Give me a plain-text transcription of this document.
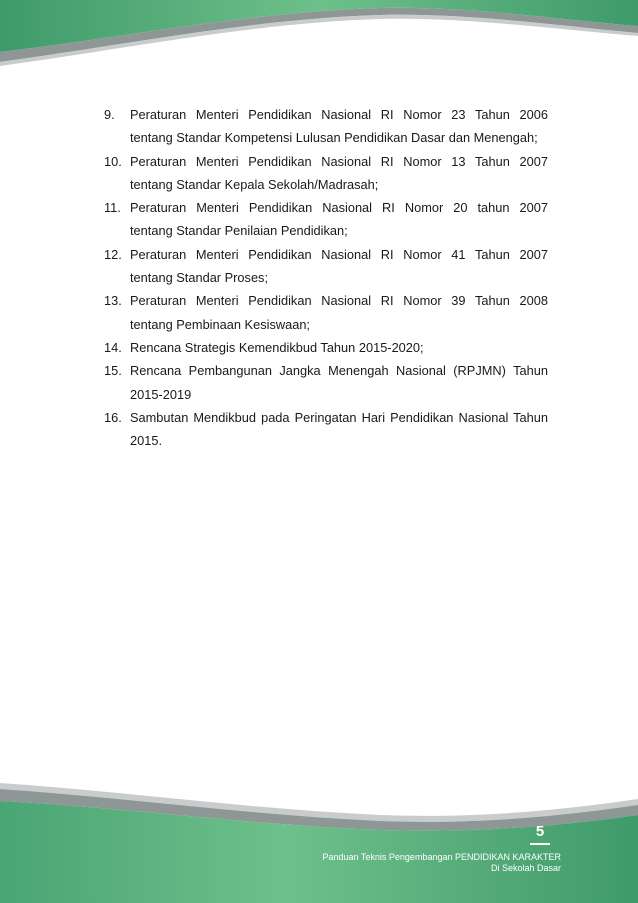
9. Peraturan Menteri Pendidikan Nasional RI Nomor 23 Tahun 2006
tentang Standar Kompetensi Lulusan Pendidikan Dasar dan Menengah;
10. Peraturan Menteri Pendidikan Nasional RI Nomor 13 Tahun 2007
tentang Standar Kepala Sekolah/Madrasah;
11. Peraturan Menteri Pendidikan Nasional RI Nomor 20 tahun 2007
tentang Standar Penilaian Pendidikan;
12. Peraturan Menteri Pendidikan Nasional RI Nomor 41 Tahun 2007
tentang Standar Proses;
13. Peraturan Menteri Pendidikan Nasional RI Nomor 39 Tahun 2008
tentang Pembinaan Kesiswaan;
14. Rencana Strategis Kemendikbud Tahun 2015-2020;
15. Rencana Pembangunan Jangka Menengah Nasional (RPJMN) Tahun
2015-2019
16. Sambutan Mendikbud pada Peringatan Hari Pendidikan Nasional Tahun
2015.
5
Panduan Teknis Pengembangan PENDIDIKAN KARAKTER
Di Sekolah Dasar
